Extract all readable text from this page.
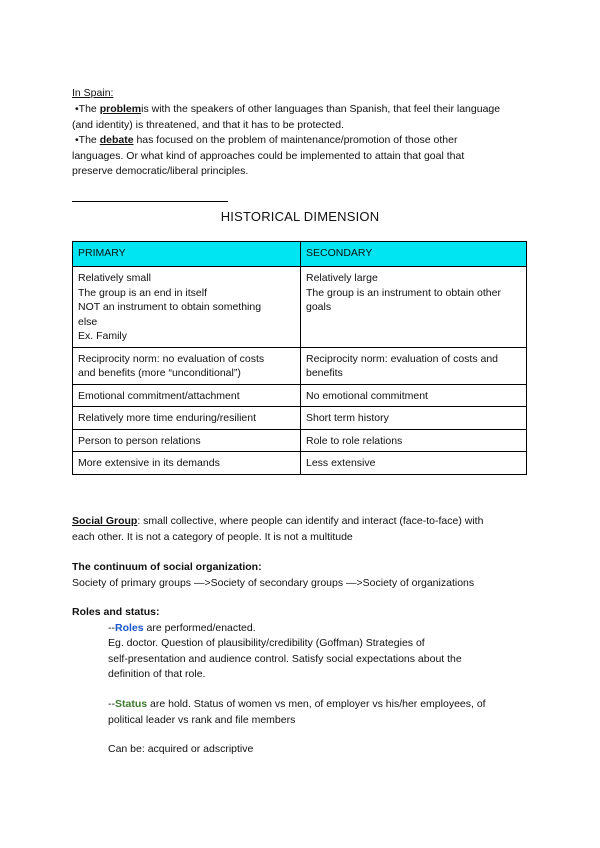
In Spain:
•The problemis with the speakers of other languages than Spanish, that feel their language
(and identity) is threatened, and that it has to be protected.
•The debate has focused on the problem of maintenance/promotion of those other
languages. Or what kind of approaches could be implemented to attain that goal that
preserve democratic/liberal principles.
HISTORICAL DIMENSION
PRIMARY	SECONDARY

Relatively small
The group is an end in itself
NOT an instrument to obtain something
else
Ex. Family	Relatively large
The group is an instrument to obtain other
goals

Reciprocity norm: no evaluation of costs
and benefits (more “unconditional”)	Reciprocity norm: evaluation of costs and
benefits

Emotional commitment/attachment	No emotional commitment

Relatively more time enduring/resilient	Short term history

Person to person relations	Role to role relations

More extensive in its demands	Less extensive
Social Group: small collective, where people can identify and interact (face-to-face) with
each other. It is not a category of people. It is not a multitude
The continuum of social organization:
Society of primary groups —>Society of secondary groups —>Society of organizations
Roles and status:
--Roles are performed/enacted.
Eg. doctor. Question of plausibility/credibility (Goffman) Strategies of
self-presentation and audience control. Satisfy social expectations about the
definition of that role.
--Status are hold. Status of women vs men, of employer vs his/her employees, of
political leader vs rank and file members
Can be: acquired or adscriptive
